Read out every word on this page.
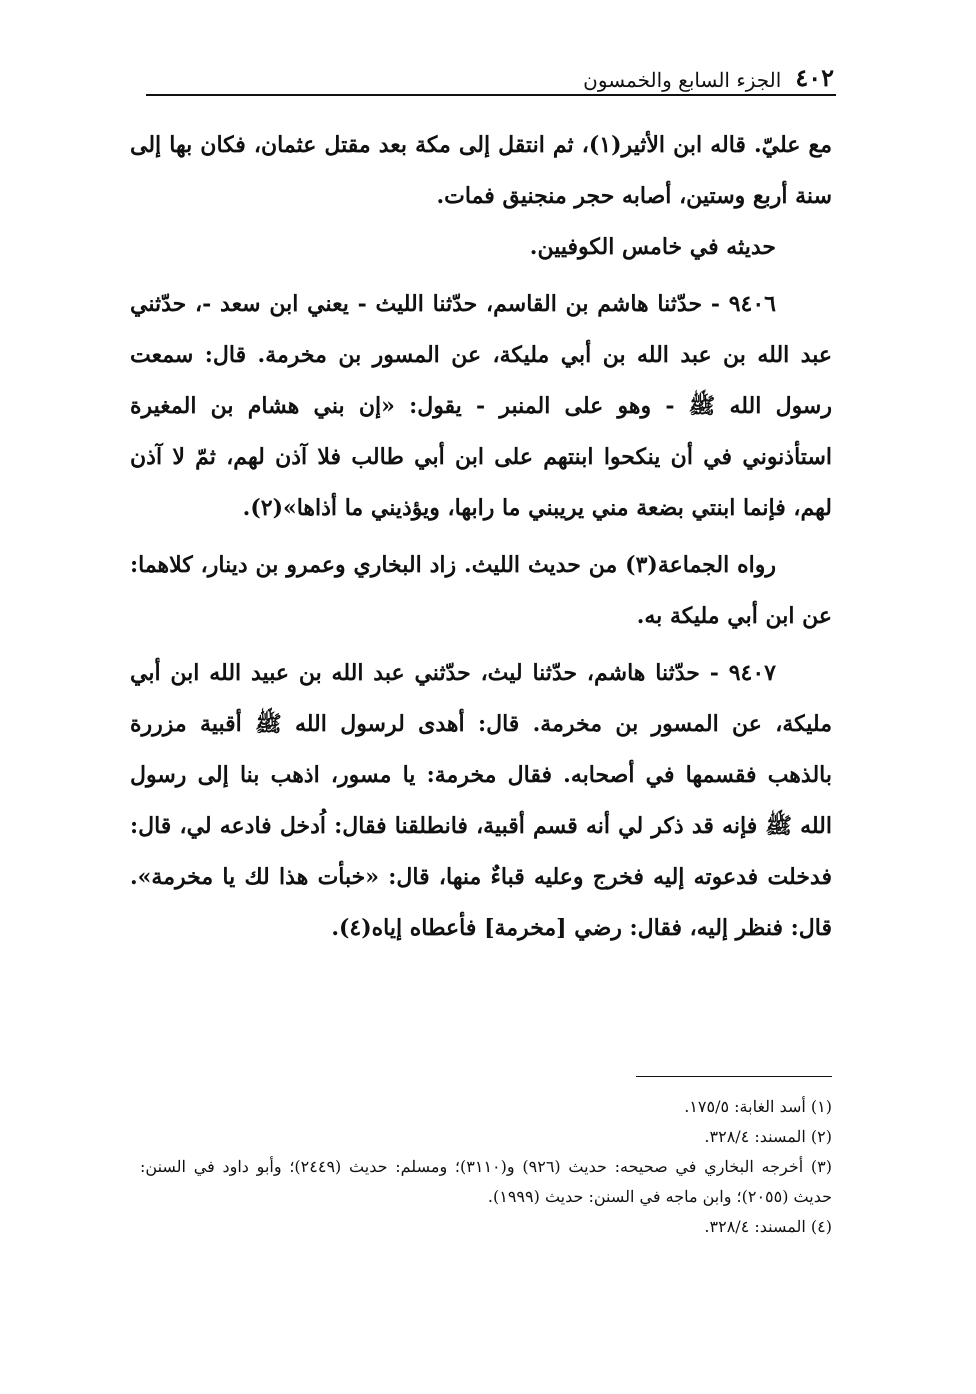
٤٠٢
الجزء السابع والخمسون

مع عليّ. قاله ابن الأثير(١)، ثم انتقل إلى مكة بعد مقتل عثمان، فكان بها إلى سنة أربع وستين، أصابه حجر منجنيق فمات.

حديثه في خامس الكوفيين.

٩٤٠٦ - حدّثنا هاشم بن القاسم، حدّثنا الليث - يعني ابن سعد -، حدّثني عبد الله بن عبد الله بن أبي مليكة، عن المسور بن مخرمة. قال: سمعت رسول الله ﷺ - وهو على المنبر - يقول: «إن بني هشام بن المغيرة استأذنوني في أن ينكحوا ابنتهم على ابن أبي طالب فلا آذن لهم، ثمّ لا آذن لهم، فإنما ابنتي بضعة مني يريبني ما رابها، ويؤذيني ما أذاها»(٢).

رواه الجماعة(٣) من حديث الليث. زاد البخاري وعمرو بن دينار، كلاهما: عن ابن أبي مليكة به.

٩٤٠٧ - حدّثنا هاشم، حدّثنا ليث، حدّثني عبد الله بن عبيد الله ابن أبي مليكة، عن المسور بن مخرمة. قال: أهدى لرسول الله ﷺ أقبية مزررة بالذهب فقسمها في أصحابه. فقال مخرمة: يا مسور، اذهب بنا إلى رسول الله ﷺ فإنه قد ذكر لي أنه قسم أقبية، فانطلقنا فقال: اُدخل فادعه لي، قال: فدخلت فدعوته إليه فخرج وعليه قباءٌ منها، قال: «خبأت هذا لك يا مخرمة». قال: فنظر إليه، فقال: رضي [مخرمة] فأعطاه إياه(٤).

(١) أسد الغابة: ١٧٥/٥.

(٢) المسند: ٣٢٨/٤.

(٣) أخرجه البخاري في صحيحه: حديث (٩٢٦) و(٣١١٠)؛ ومسلم: حديث (٢٤٤٩)؛ وأبو داود في السنن: حديث (٢٠٥٥)؛ وابن ماجه في السنن: حديث (١٩٩٩).

(٤) المسند: ٣٢٨/٤.
